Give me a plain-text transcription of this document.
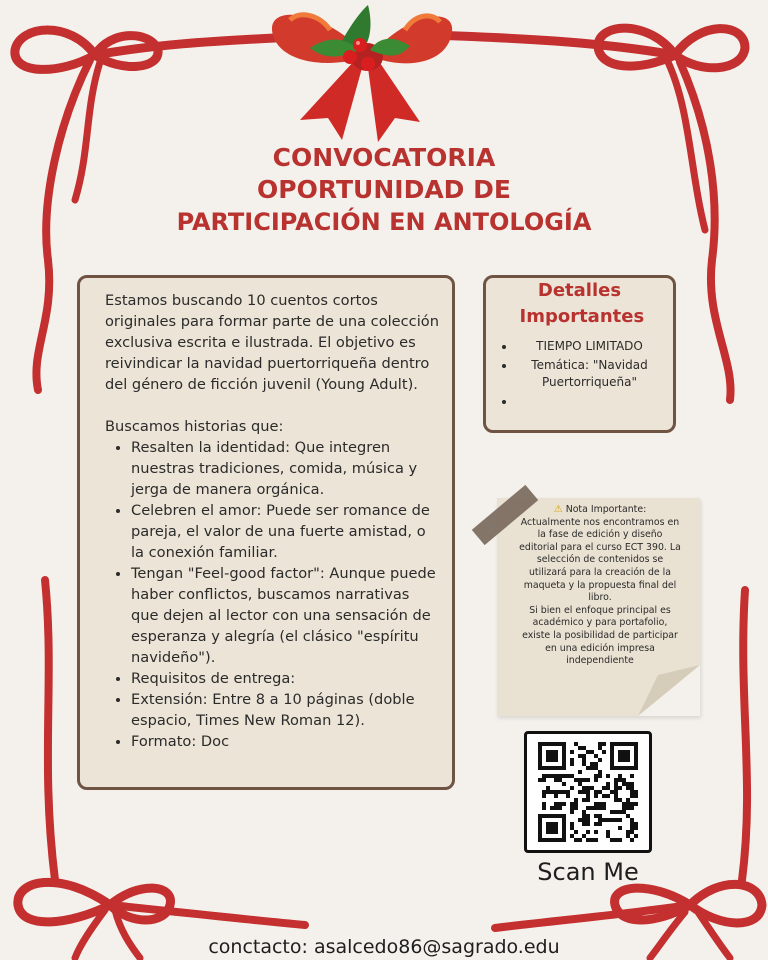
CONVOCATORIA
OPORTUNIDAD DE
PARTICIPACIÓN EN ANTOLOGÍA

Estamos buscando 10 cuentos cortos originales para formar parte de una colección exclusiva escrita e ilustrada. El objetivo es reivindicar la navidad puertorriqueña dentro del género de ficción juvenil (Young Adult).

Buscamos historias que:

• Resalten la identidad: Que integren nuestras tradiciones, comida, música y jerga de manera orgánica.
• Celebren el amor: Puede ser romance de pareja, el valor de una fuerte amistad, o la conexión familiar.
• Tengan "Feel-good factor": Aunque puede haber conflictos, buscamos narrativas que dejen al lector con una sensación de esperanza y alegría (el clásico "espíritu navideño").
• Requisitos de entrega:
• Extensión: Entre 8 a 10 páginas (doble espacio, Times New Roman 12).
• Formato: Doc
Detalles Importantes
• TIEMPO LIMITADO
• Temática: "Navidad Puertorriqueña"
•
⚠ Nota Importante:
Actualmente nos encontramos en la fase de edición y diseño editorial para el curso ECT 390. La selección de contenidos se utilizará para la creación de la maqueta y la propuesta final del libro.
Si bien el enfoque principal es académico y para portafolio, existe la posibilidad de participar en una edición impresa independiente
Scan Me
conctacto: asalcedo86@sagrado.edu
